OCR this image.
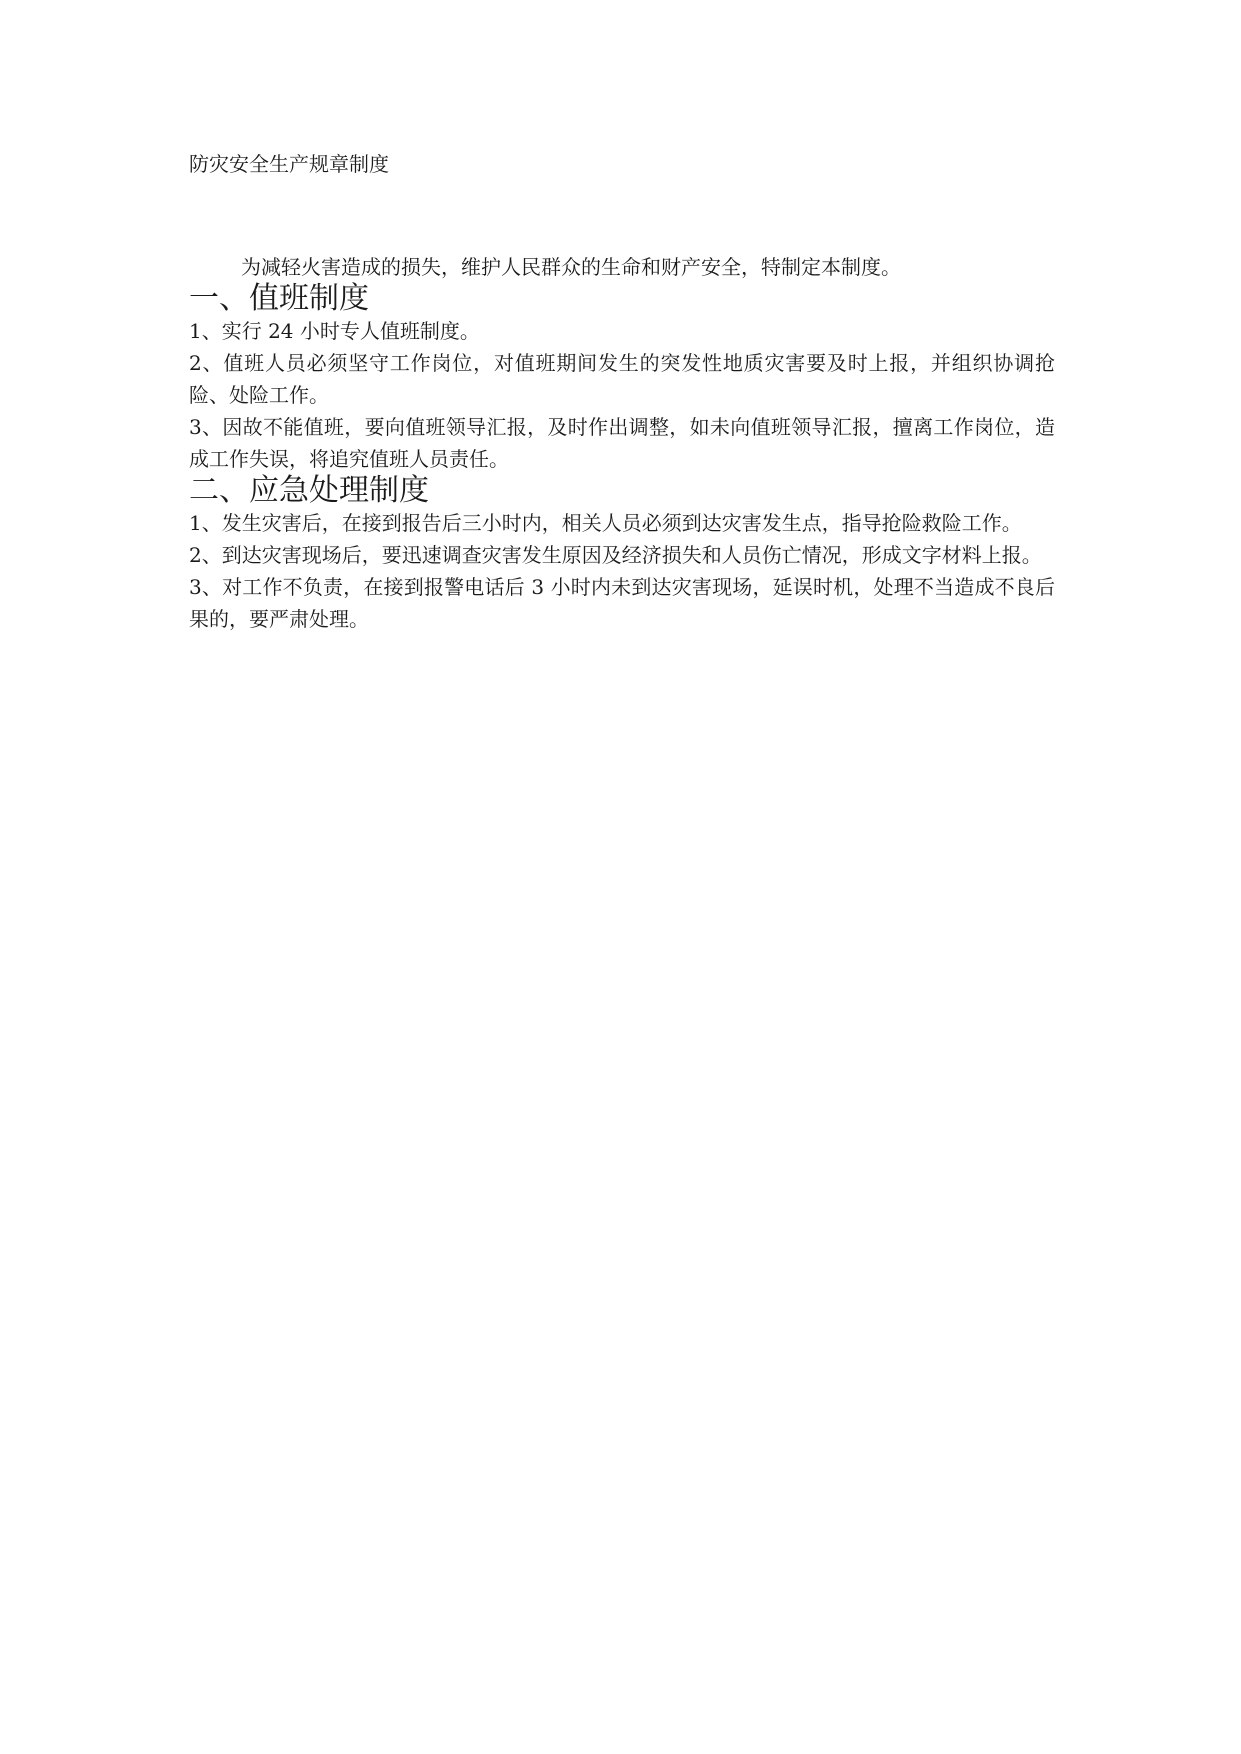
防灾安全生产规章制度

为减轻火害造成的损失，维护人民群众的生命和财产安全，特制定本制度。

一、值班制度

1、实行 24 小时专人值班制度。

2、值班人员必须坚守工作岗位，对值班期间发生的突发性地质灾害要及时上报，并组织协调抢险、处险工作。

3、因故不能值班，要向值班领导汇报，及时作出调整，如未向值班领导汇报，擅离工作岗位，造成工作失误，将追究值班人员责任。

二、应急处理制度

1、发生灾害后，在接到报告后三小时内，相关人员必须到达灾害发生点，指导抢险救险工作。

2、到达灾害现场后，要迅速调查灾害发生原因及经济损失和人员伤亡情况，形成文字材料上报。

3、对工作不负责，在接到报警电话后 3 小时内未到达灾害现场，延误时机，处理不当造成不良后果的，要严肃处理。
